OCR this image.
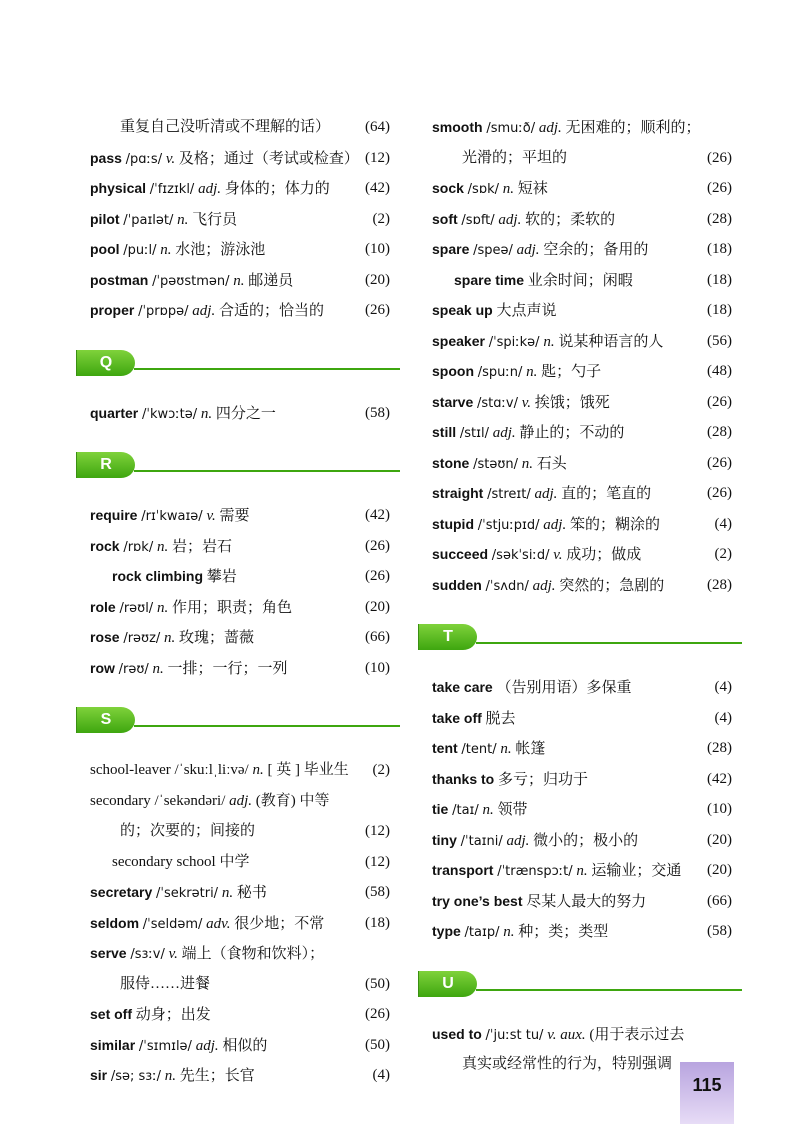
重复自己没听清或不理解的话） (64)
pass /pɑːs/ v. 及格；通过（考试或检查） (12)
physical /ˈfɪzɪkl/ adj. 身体的；体力的 (42)
pilot /ˈpaɪlət/ n. 飞行员	(2)
pool /puːl/ n. 水池；游泳池	(10)
postman /ˈpəʊstmən/ n. 邮递员	(20)
proper /ˈprɒpə/ adj. 合适的；恰当的	(26)
Q
quarter /ˈkwɔːtə/ n. 四分之一	(58)
R
require /rɪˈkwaɪə/ v. 需要	(42)
rock /rɒk/ n. 岩；岩石	(26)
rock climbing 攀岩	(26)
role /rəʊl/ n. 作用；职责；角色	(20)
rose /rəʊz/ n. 玫瑰；蔷薇	(66)
row /rəʊ/ n. 一排；一行；一列	(10)
S
school-leaver /ˈskuːlˌliːvə/ n. [ 英 ] 毕业生 (2)
secondary /ˈsekəndəri/ adj. (教育) 中等
的；次要的；间接的	(12)
secondary school 中学	(12)
secretary /ˈsekrətri/ n. 秘书	(58)
seldom /ˈseldəm/ adv. 很少地；不常	(18)
serve /sɜːv/ v. 端上（食物和饮料）；
服侍……进餐	(50)
set off 动身；出发	(26)
similar /ˈsɪmɪlə/ adj. 相似的	(50)
sir /sə; sɜː/ n. 先生；长官	(4)
smooth /smuːð/ adj. 无困难的；顺利的；
光滑的；平坦的	(26)
sock /sɒk/ n. 短袜	(26)
soft /sɒft/ adj. 软的；柔软的	(28)
spare /speə/ adj. 空余的；备用的	(18)
spare time 业余时间；闲暇	(18)
speak up 大点声说	(18)
speaker /ˈspiːkə/ n. 说某种语言的人	(56)
spoon /spuːn/ n. 匙；勺子	(48)
starve /stɑːv/ v. 挨饿；饿死	(26)
still /stɪl/ adj. 静止的；不动的	(28)
stone /stəʊn/ n. 石头	(26)
straight /streɪt/ adj. 直的；笔直的	(26)
stupid /ˈstjuːpɪd/ adj. 笨的；糊涂的	(4)
succeed /səkˈsiːd/ v. 成功；做成	(2)
sudden /ˈsʌdn/ adj. 突然的；急剧的	(28)
T
take care （告别用语）多保重	(4)
take off 脱去	(4)
tent /tent/ n. 帐篷	(28)
thanks to 多亏；归功于	(42)
tie /taɪ/ n. 领带	(10)
tiny /ˈtaɪni/ adj. 微小的；极小的	(20)
transport /ˈtrænspɔːt/ n. 运输业；交通 (20)
try one’s best 尽某人最大的努力	(66)
type /taɪp/ n. 种；类；类型	(58)
U
used to /ˈjuːst tu/ v. aux. (用于表示过去
真实或经常性的行为，特别强调
115
